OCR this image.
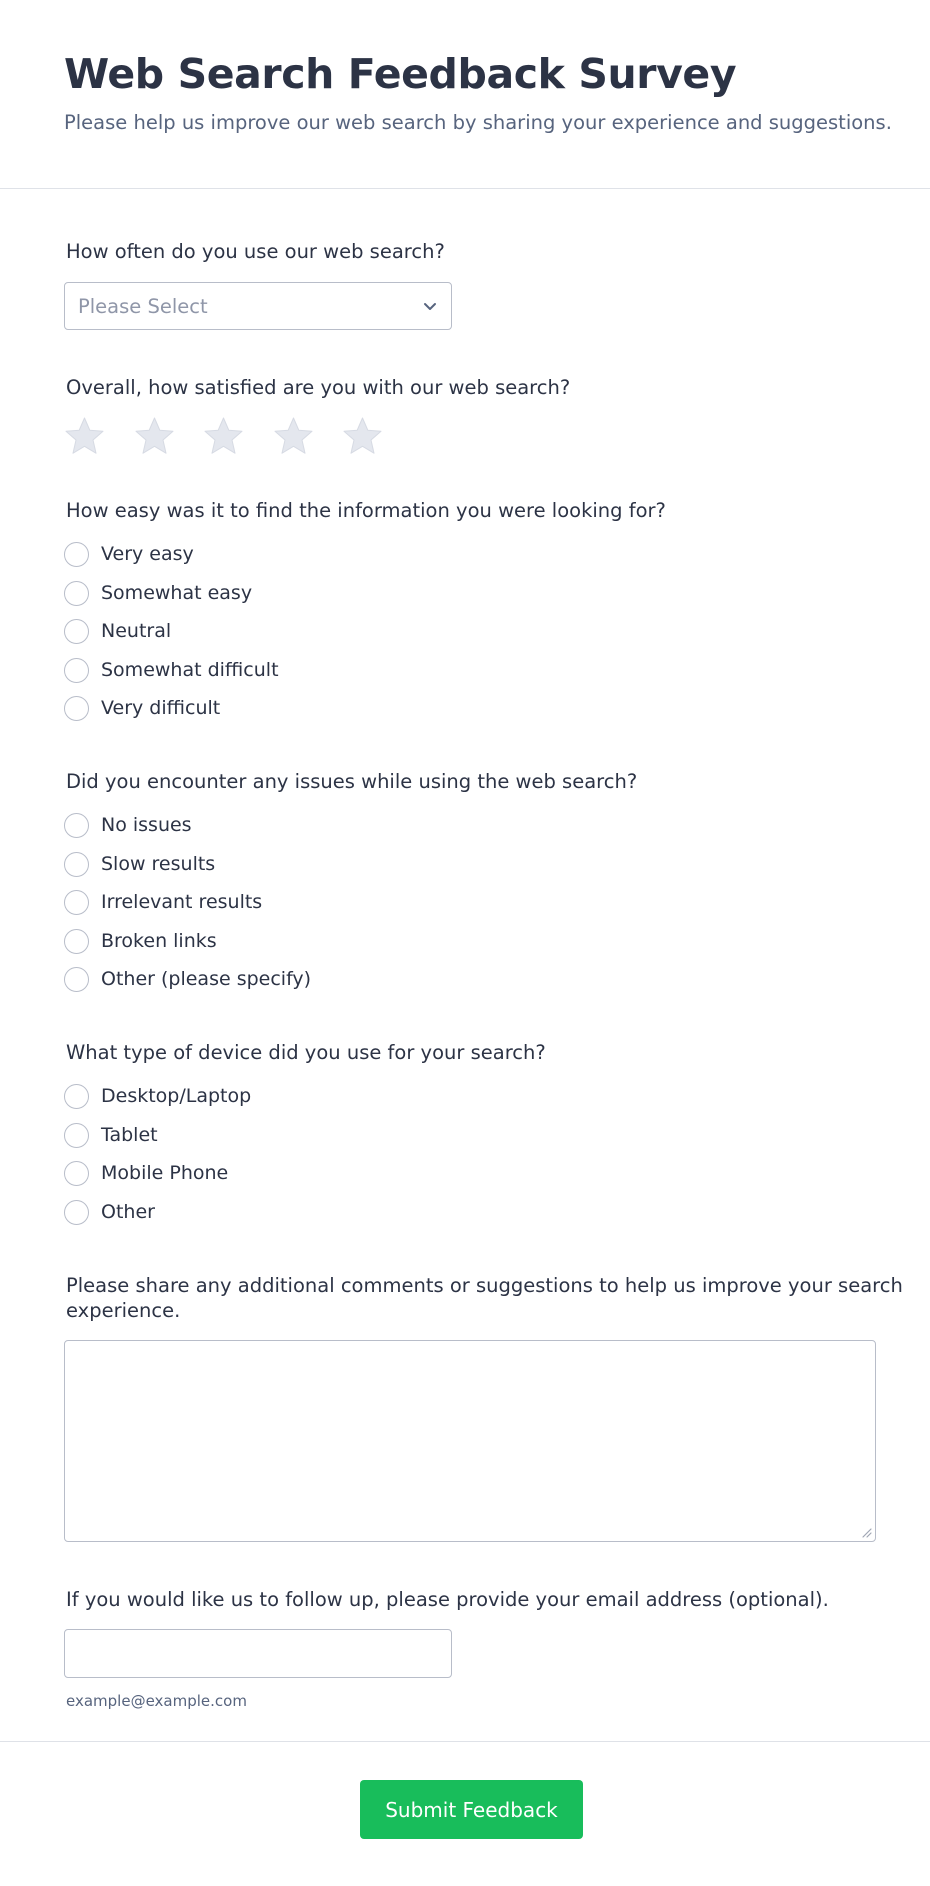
Web Search Feedback Survey
Please help us improve our web search by sharing your experience and suggestions.
How often do you use our web search?
Please Select
Overall, how satisfied are you with our web search?
How easy was it to find the information you were looking for?
Very easy
Somewhat easy
Neutral
Somewhat difficult
Very difficult
Did you encounter any issues while using the web search?
No issues
Slow results
Irrelevant results
Broken links
Other (please specify)
What type of device did you use for your search?
Desktop/Laptop
Tablet
Mobile Phone
Other
Please share any additional comments or suggestions to help us improve your search
experience.
If you would like us to follow up, please provide your email address (optional).
example@example.com
Submit Feedback
